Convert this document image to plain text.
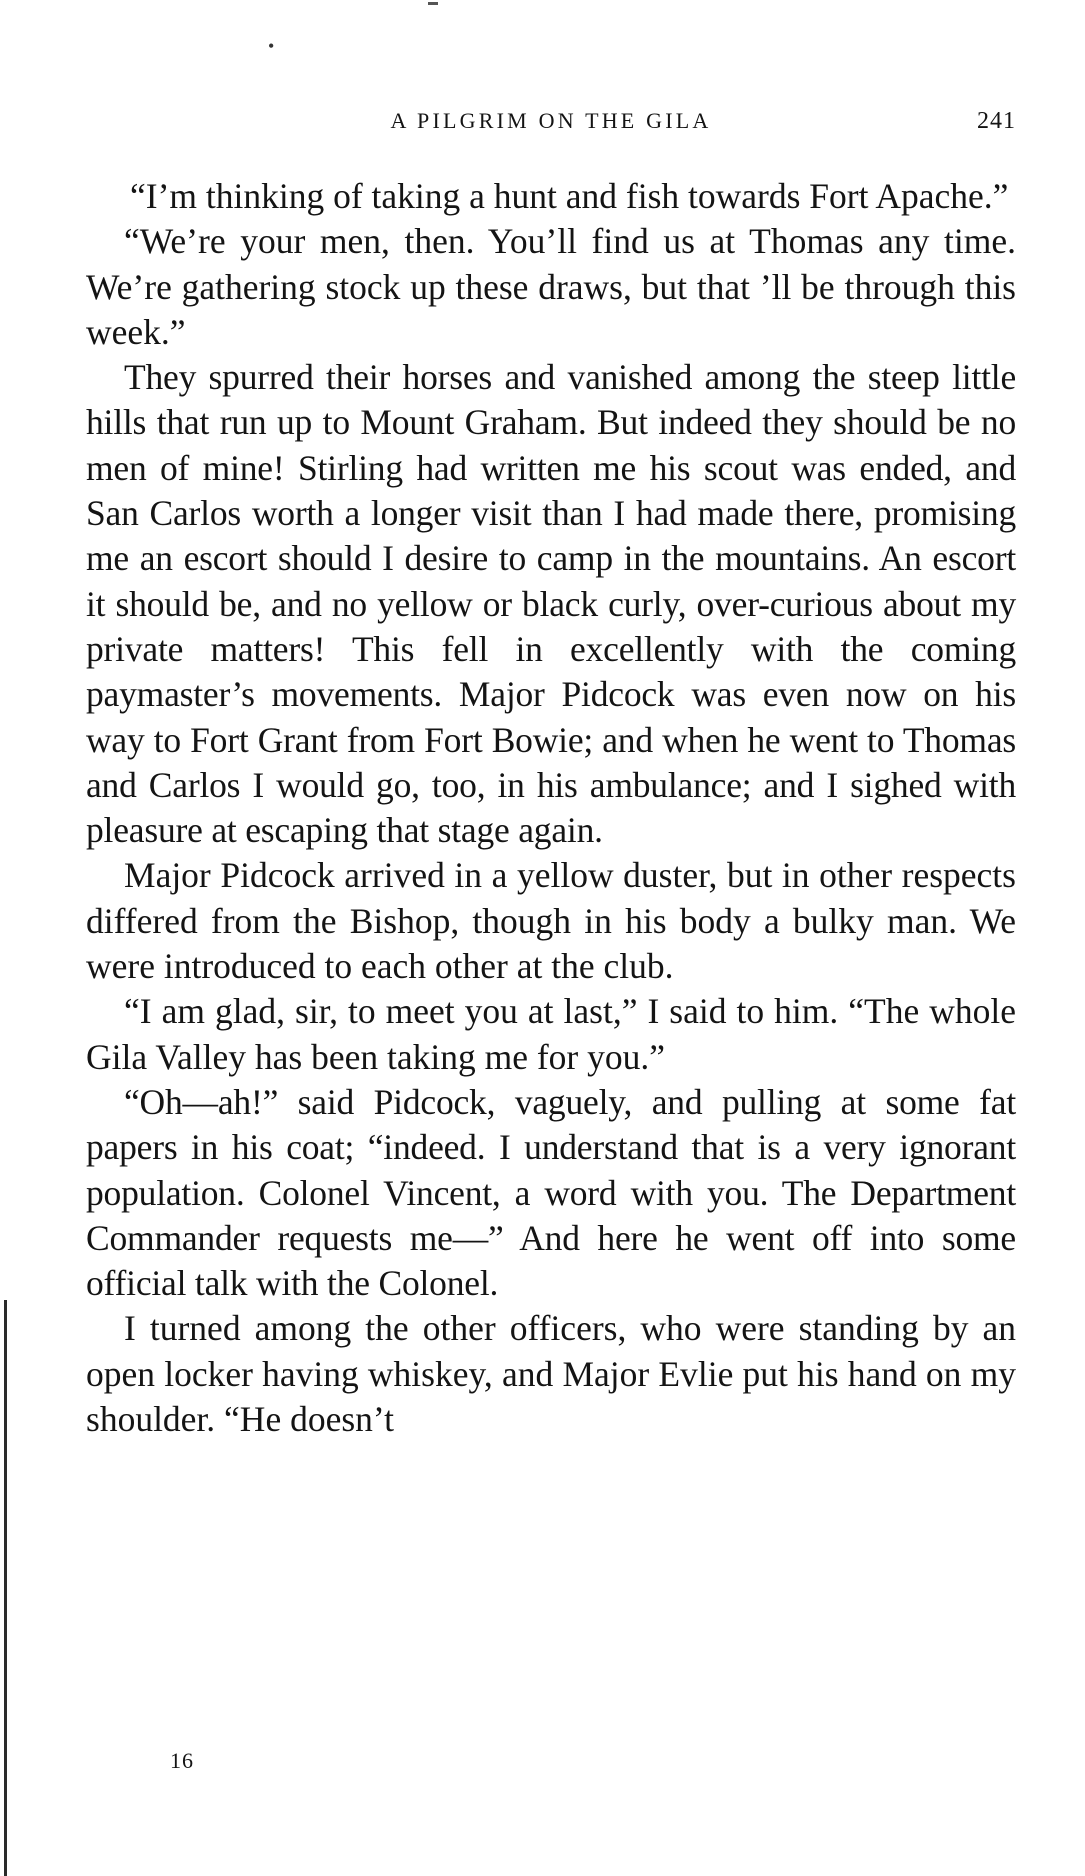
•
A PILGRIM ON THE GILA	241

“I’m thinking of taking a hunt and fish towards Fort Apache.”

“We’re your men, then. You’ll find us at Thomas any time. We’re gathering stock up these draws, but that ’ll be through this week.”

They spurred their horses and vanished among the steep little hills that run up to Mount Graham. But indeed they should be no men of mine! Stirling had written me his scout was ended, and San Carlos worth a longer visit than I had made there, promising me an escort should I desire to camp in the mountains. An escort it should be, and no yellow or black curly, over-curious about my private matters! This fell in excellently with the coming paymaster’s movements. Major Pidcock was even now on his way to Fort Grant from Fort Bowie; and when he went to Thomas and Carlos I would go, too, in his ambulance; and I sighed with pleasure at escaping that stage again.

Major Pidcock arrived in a yellow duster, but in other respects differed from the Bishop, though in his body a bulky man. We were introduced to each other at the club.

“I am glad, sir, to meet you at last,” I said to him. “The whole Gila Valley has been taking me for you.”

“Oh—ah!” said Pidcock, vaguely, and pulling at some fat papers in his coat; “indeed. I understand that is a very ignorant population. Colonel Vincent, a word with you. The Department Commander requests me—” And here he went off into some official talk with the Colonel.

I turned among the other officers, who were standing by an open locker having whiskey, and Major Evlie put his hand on my shoulder. “He doesn’t

16
